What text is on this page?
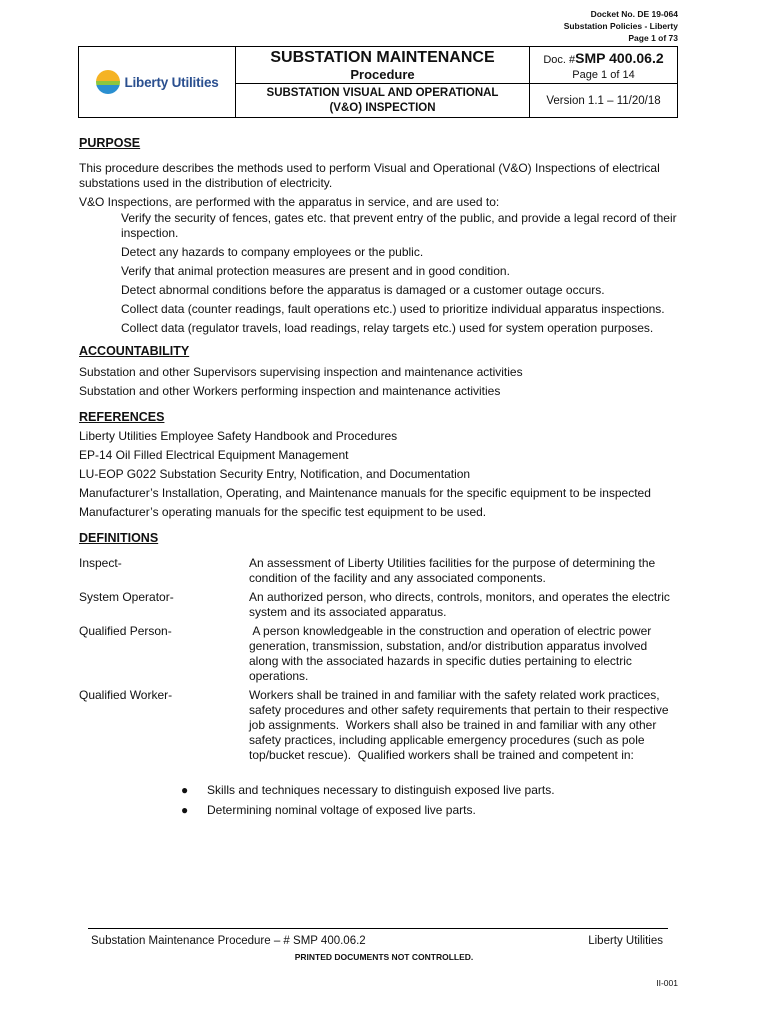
Docket No. DE 19-064
Substation Policies - Liberty
Page 1 of 73
Liberty Utilities
SUBSTATION MAINTENANCE
Procedure
SUBSTATION VISUAL AND OPERATIONAL
(V&O) INSPECTION
Doc. #SMP 400.06.2
Page 1 of 14
Version 1.1 – 11/20/18
PURPOSE
This procedure describes the methods used to perform Visual and Operational (V&O) Inspections of electrical substations used in the distribution of electricity.
V&O Inspections, are performed with the apparatus in service, and are used to:
Verify the security of fences, gates etc. that prevent entry of the public, and provide a legal record of their inspection.
Detect any hazards to company employees or the public.
Verify that animal protection measures are present and in good condition.
Detect abnormal conditions before the apparatus is damaged or a customer outage occurs.
Collect data (counter readings, fault operations etc.) used to prioritize individual apparatus inspections.
Collect data (regulator travels, load readings, relay targets etc.) used for system operation purposes.
ACCOUNTABILITY
Substation and other Supervisors supervising inspection and maintenance activities
Substation and other Workers performing inspection and maintenance activities
REFERENCES
Liberty Utilities Employee Safety Handbook and Procedures
EP-14 Oil Filled Electrical Equipment Management
LU-EOP G022 Substation Security Entry, Notification, and Documentation
Manufacturer’s Installation, Operating, and Maintenance manuals for the specific equipment to be inspected
Manufacturer’s operating manuals for the specific test equipment to be used.
DEFINITIONS
Inspect-	An assessment of Liberty Utilities facilities for the purpose of determining the condition of the facility and any associated components.
System Operator-	An authorized person, who directs, controls, monitors, and operates the electric system and its associated apparatus.
Qualified Person-	A person knowledgeable in the construction and operation of electric power generation, transmission, substation, and/or distribution apparatus involved along with the associated hazards in specific duties pertaining to electric operations.
Qualified Worker-	Workers shall be trained in and familiar with the safety related work practices, safety procedures and other safety requirements that pertain to their respective job assignments.  Workers shall also be trained in and familiar with any other safety practices, including applicable emergency procedures (such as pole top/bucket rescue).  Qualified workers shall be trained and competent in:
●	Skills and techniques necessary to distinguish exposed live parts.
●	Determining nominal voltage of exposed live parts.
Substation Maintenance Procedure – # SMP 400.06.2	Liberty Utilities
PRINTED DOCUMENTS NOT CONTROLLED.
II-001
